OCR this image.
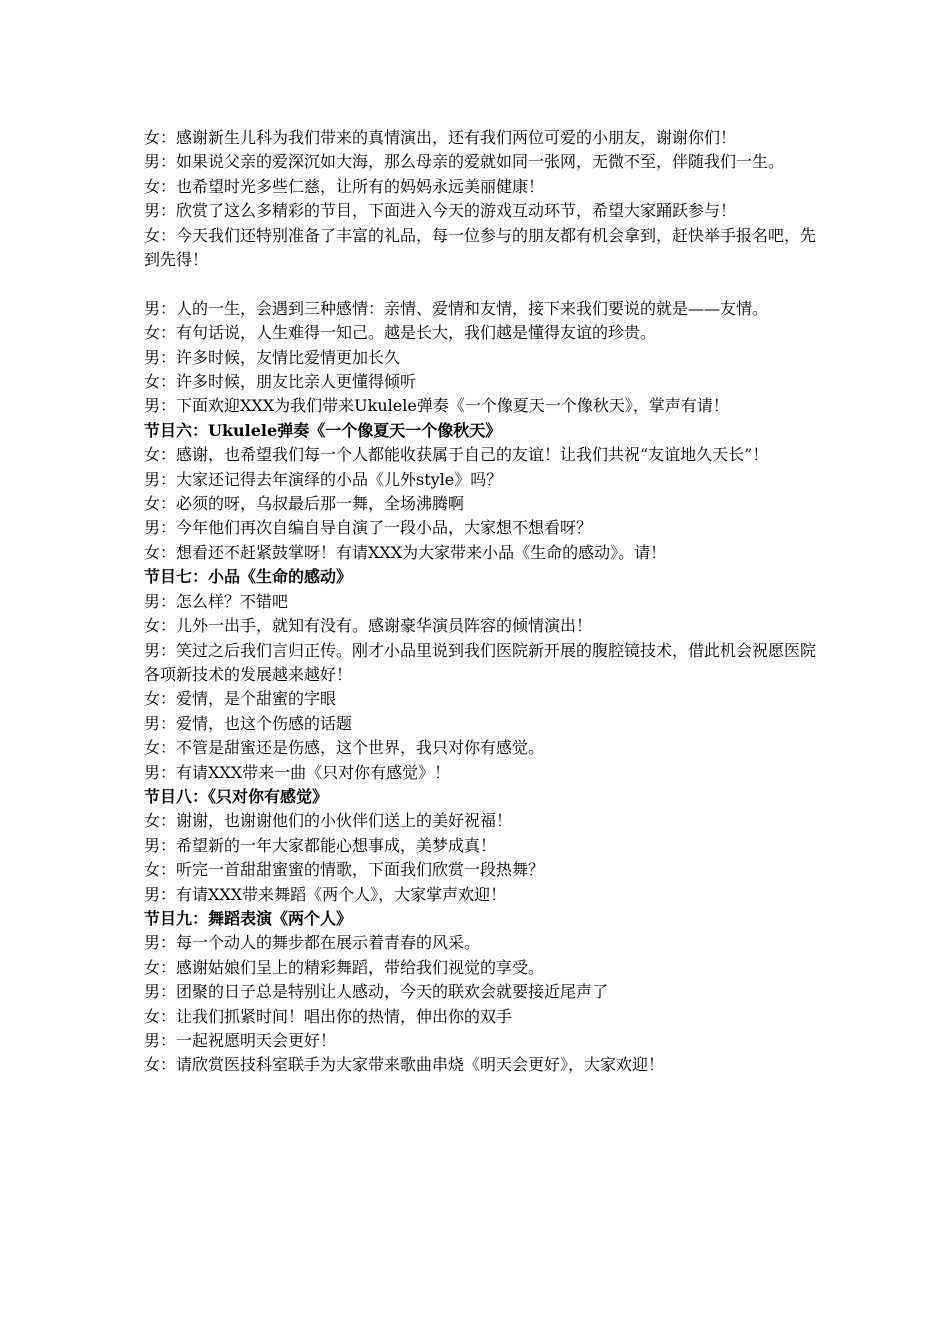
女：感谢新生儿科为我们带来的真情演出，还有我们两位可爱的小朋友，谢谢你们！
男：如果说父亲的爱深沉如大海，那么母亲的爱就如同一张网，无微不至，伴随我们一生。
女：也希望时光多些仁慈，让所有的妈妈永远美丽健康！
男：欣赏了这么多精彩的节目，下面进入今天的游戏互动环节，希望大家踊跃参与！
女：今天我们还特别准备了丰富的礼品，每一位参与的朋友都有机会拿到，赶快举手报名吧，先到先得！
男：人的一生，会遇到三种感情：亲情、爱情和友情，接下来我们要说的就是——友情。
女：有句话说，人生难得一知己。越是长大，我们越是懂得友谊的珍贵。
男：许多时候，友情比爱情更加长久
女：许多时候，朋友比亲人更懂得倾听
男：下面欢迎XXX为我们带来Ukulele弹奏《一个像夏天一个像秋天》，掌声有请！
节目六：Ukulele弹奏《一个像夏天一个像秋天》
女：感谢，也希望我们每一个人都能收获属于自己的友谊！让我们共祝“友谊地久天长”！
男：大家还记得去年演绎的小品《儿外style》吗？
女：必须的呀，乌叔最后那一舞，全场沸腾啊
男：今年他们再次自编自导自演了一段小品，大家想不想看呀？
女：想看还不赶紧鼓掌呀！有请XXX为大家带来小品《生命的感动》。请！
节目七：小品《生命的感动》
男：怎么样？不错吧
女：儿外一出手，就知有没有。感谢豪华演员阵容的倾情演出！
男：笑过之后我们言归正传。刚才小品里说到我们医院新开展的腹腔镜技术，借此机会祝愿医院各项新技术的发展越来越好！
女：爱情，是个甜蜜的字眼
男：爱情，也这个伤感的话题
女：不管是甜蜜还是伤感，这个世界，我只对你有感觉。
男：有请XXX带来一曲《只对你有感觉》！
节目八：《只对你有感觉》
女：谢谢，也谢谢他们的小伙伴们送上的美好祝福！
男：希望新的一年大家都能心想事成，美梦成真！
女：听完一首甜甜蜜蜜的情歌，下面我们欣赏一段热舞？
男：有请XXX带来舞蹈《两个人》，大家掌声欢迎！
节目九：舞蹈表演《两个人》
男：每一个动人的舞步都在展示着青春的风采。
女：感谢姑娘们呈上的精彩舞蹈，带给我们视觉的享受。
男：团聚的日子总是特别让人感动，今天的联欢会就要接近尾声了
女：让我们抓紧时间！唱出你的热情，伸出你的双手
男：一起祝愿明天会更好！
女：请欣赏医技科室联手为大家带来歌曲串烧《明天会更好》，大家欢迎！
